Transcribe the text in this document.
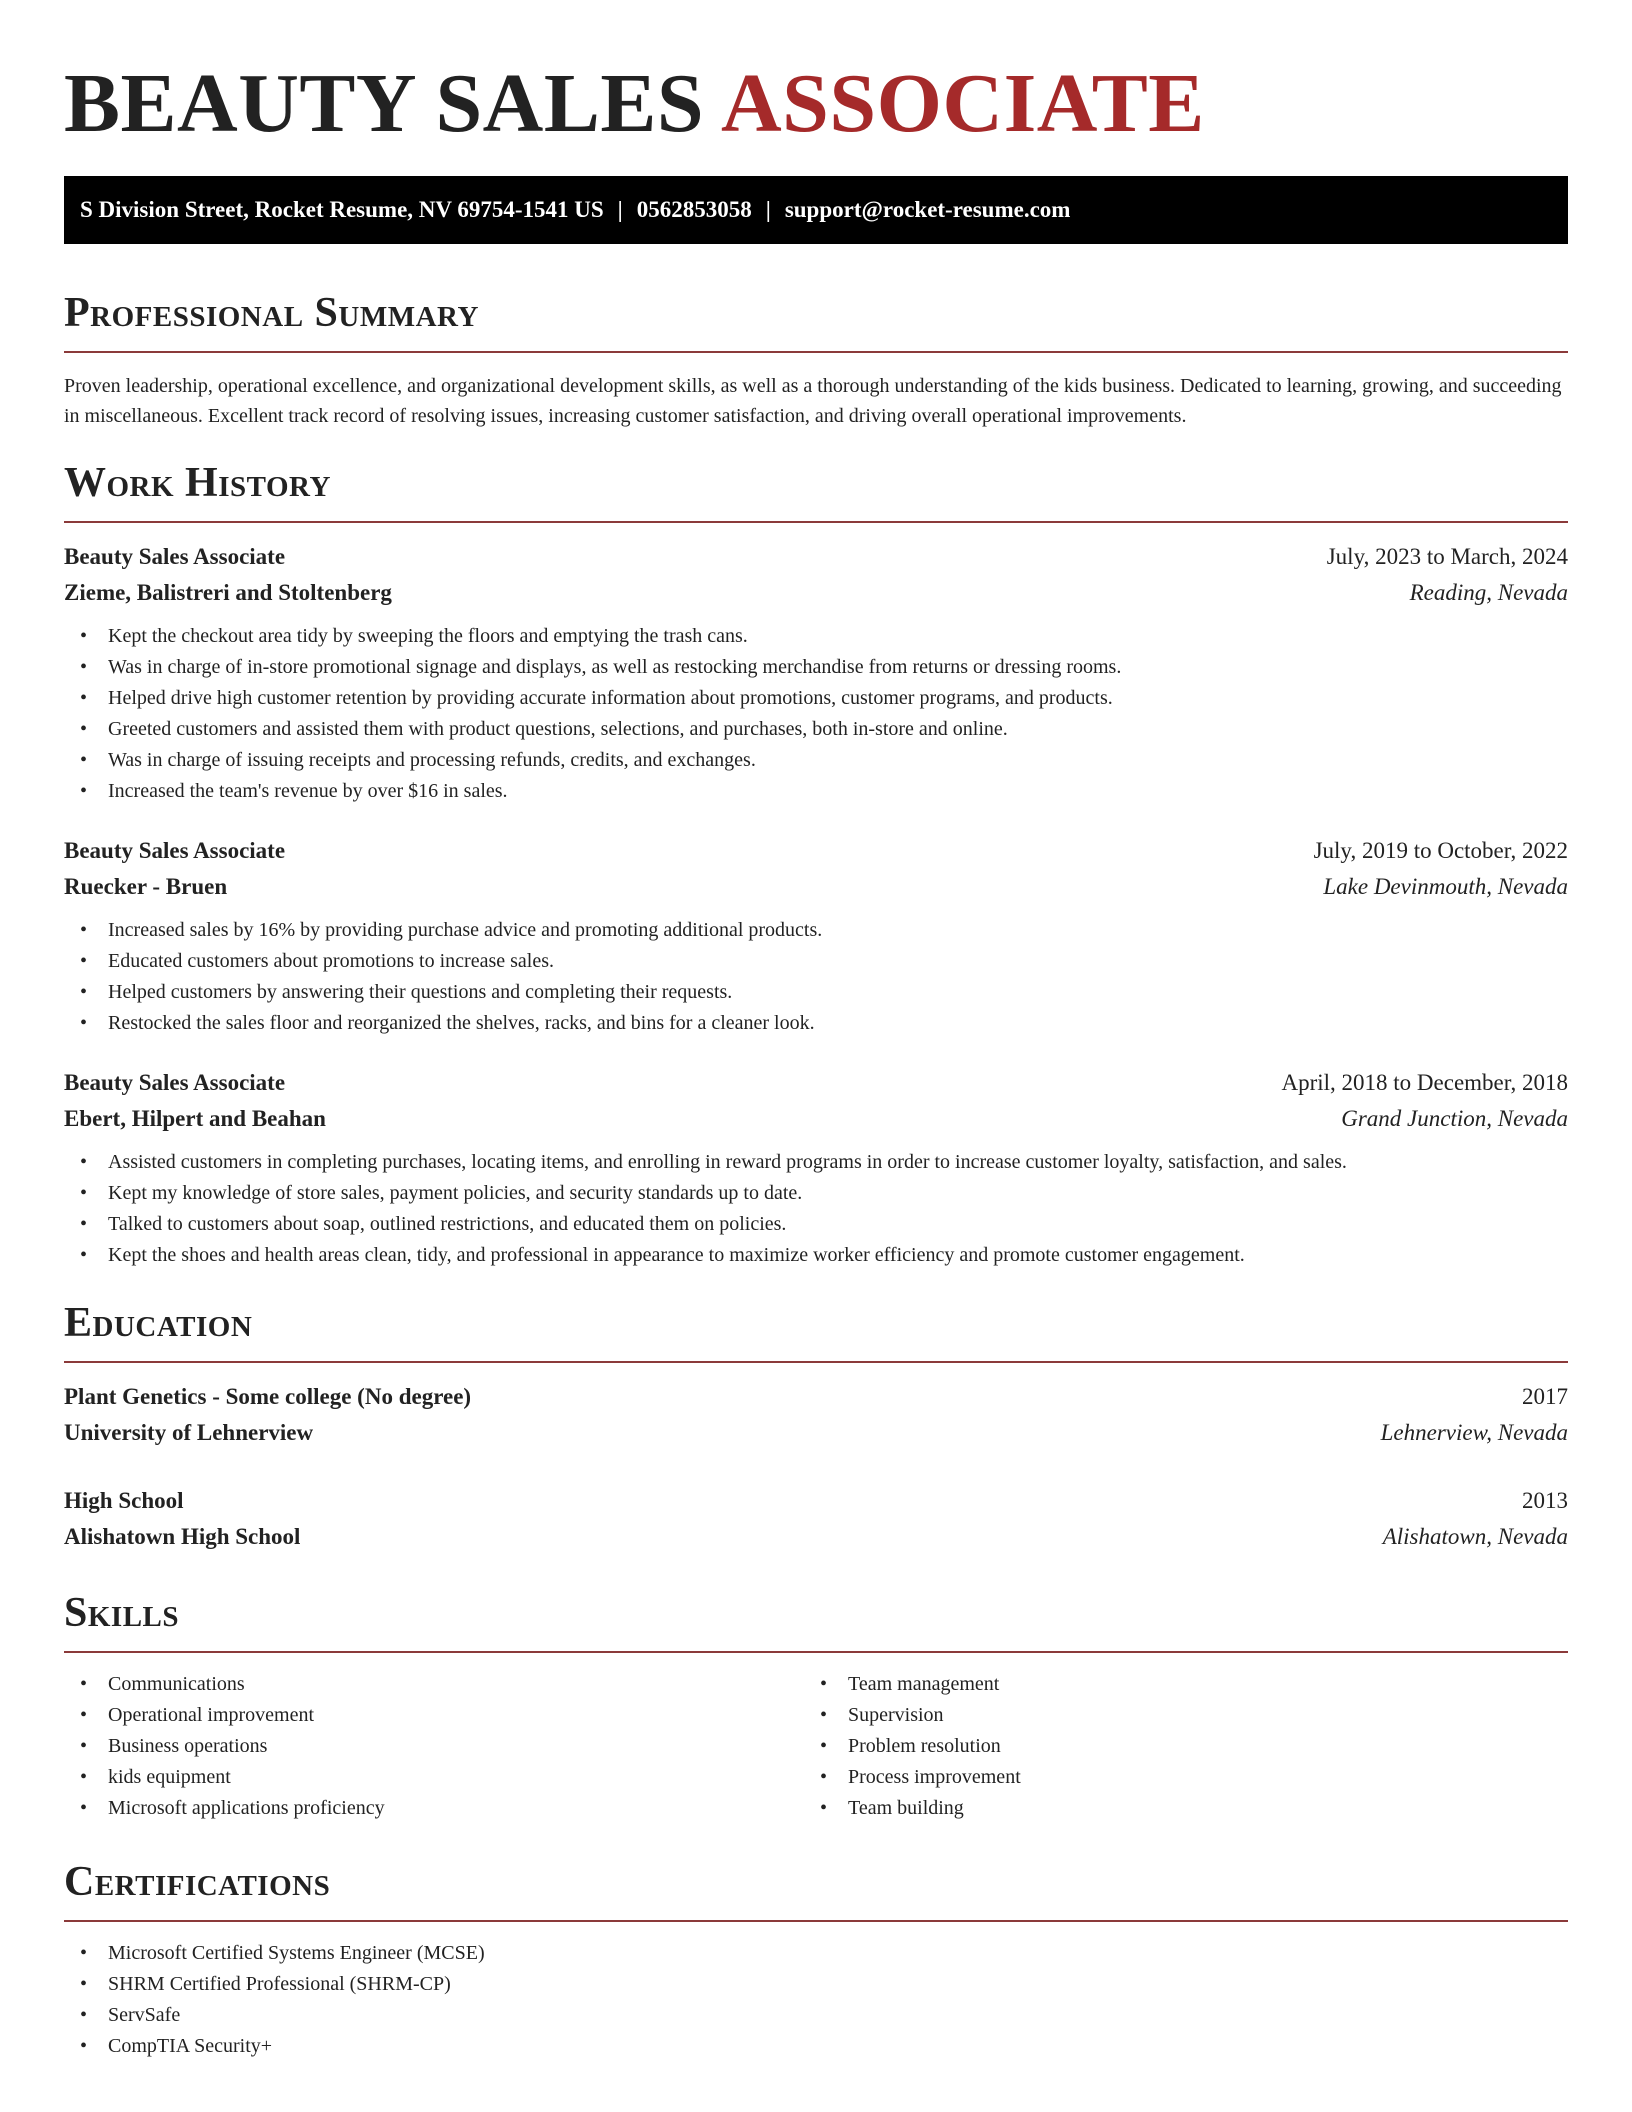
BEAUTY SALES ASSOCIATE
S Division Street, Rocket Resume, NV 69754-1541 US | 0562853058 | support@rocket-resume.com
Professional Summary

Proven leadership, operational excellence, and organizational development skills, as well as a thorough understanding of the kids business. Dedicated to learning, growing, and succeeding in miscellaneous. Excellent track record of resolving issues, increasing customer satisfaction, and driving overall operational improvements.

Work History
Beauty Sales Associate	July, 2023 to March, 2024
Zieme, Balistreri and Stoltenberg	Reading, Nevada
• Kept the checkout area tidy by sweeping the floors and emptying the trash cans.
• Was in charge of in-store promotional signage and displays, as well as restocking merchandise from returns or dressing rooms.
• Helped drive high customer retention by providing accurate information about promotions, customer programs, and products.
• Greeted customers and assisted them with product questions, selections, and purchases, both in-store and online.
• Was in charge of issuing receipts and processing refunds, credits, and exchanges.
• Increased the team's revenue by over $16 in sales.
Beauty Sales Associate	July, 2019 to October, 2022
Ruecker - Bruen	Lake Devinmouth, Nevada
• Increased sales by 16% by providing purchase advice and promoting additional products.
• Educated customers about promotions to increase sales.
• Helped customers by answering their questions and completing their requests.
• Restocked the sales floor and reorganized the shelves, racks, and bins for a cleaner look.
Beauty Sales Associate	April, 2018 to December, 2018
Ebert, Hilpert and Beahan	Grand Junction, Nevada
• Assisted customers in completing purchases, locating items, and enrolling in reward programs in order to increase customer loyalty, satisfaction, and sales.
• Kept my knowledge of store sales, payment policies, and security standards up to date.
• Talked to customers about soap, outlined restrictions, and educated them on policies.
• Kept the shoes and health areas clean, tidy, and professional in appearance to maximize worker efficiency and promote customer engagement.
Education
Plant Genetics - Some college (No degree)	2017
University of Lehnerview	Lehnerview, Nevada
High School	2013
Alishatown High School	Alishatown, Nevada
Skills
• Communications
• Operational improvement
• Business operations
• kids equipment
• Microsoft applications proficiency
• Team management
• Supervision
• Problem resolution
• Process improvement
• Team building
Certifications
• Microsoft Certified Systems Engineer (MCSE)
• SHRM Certified Professional (SHRM-CP)
• ServSafe
• CompTIA Security+
